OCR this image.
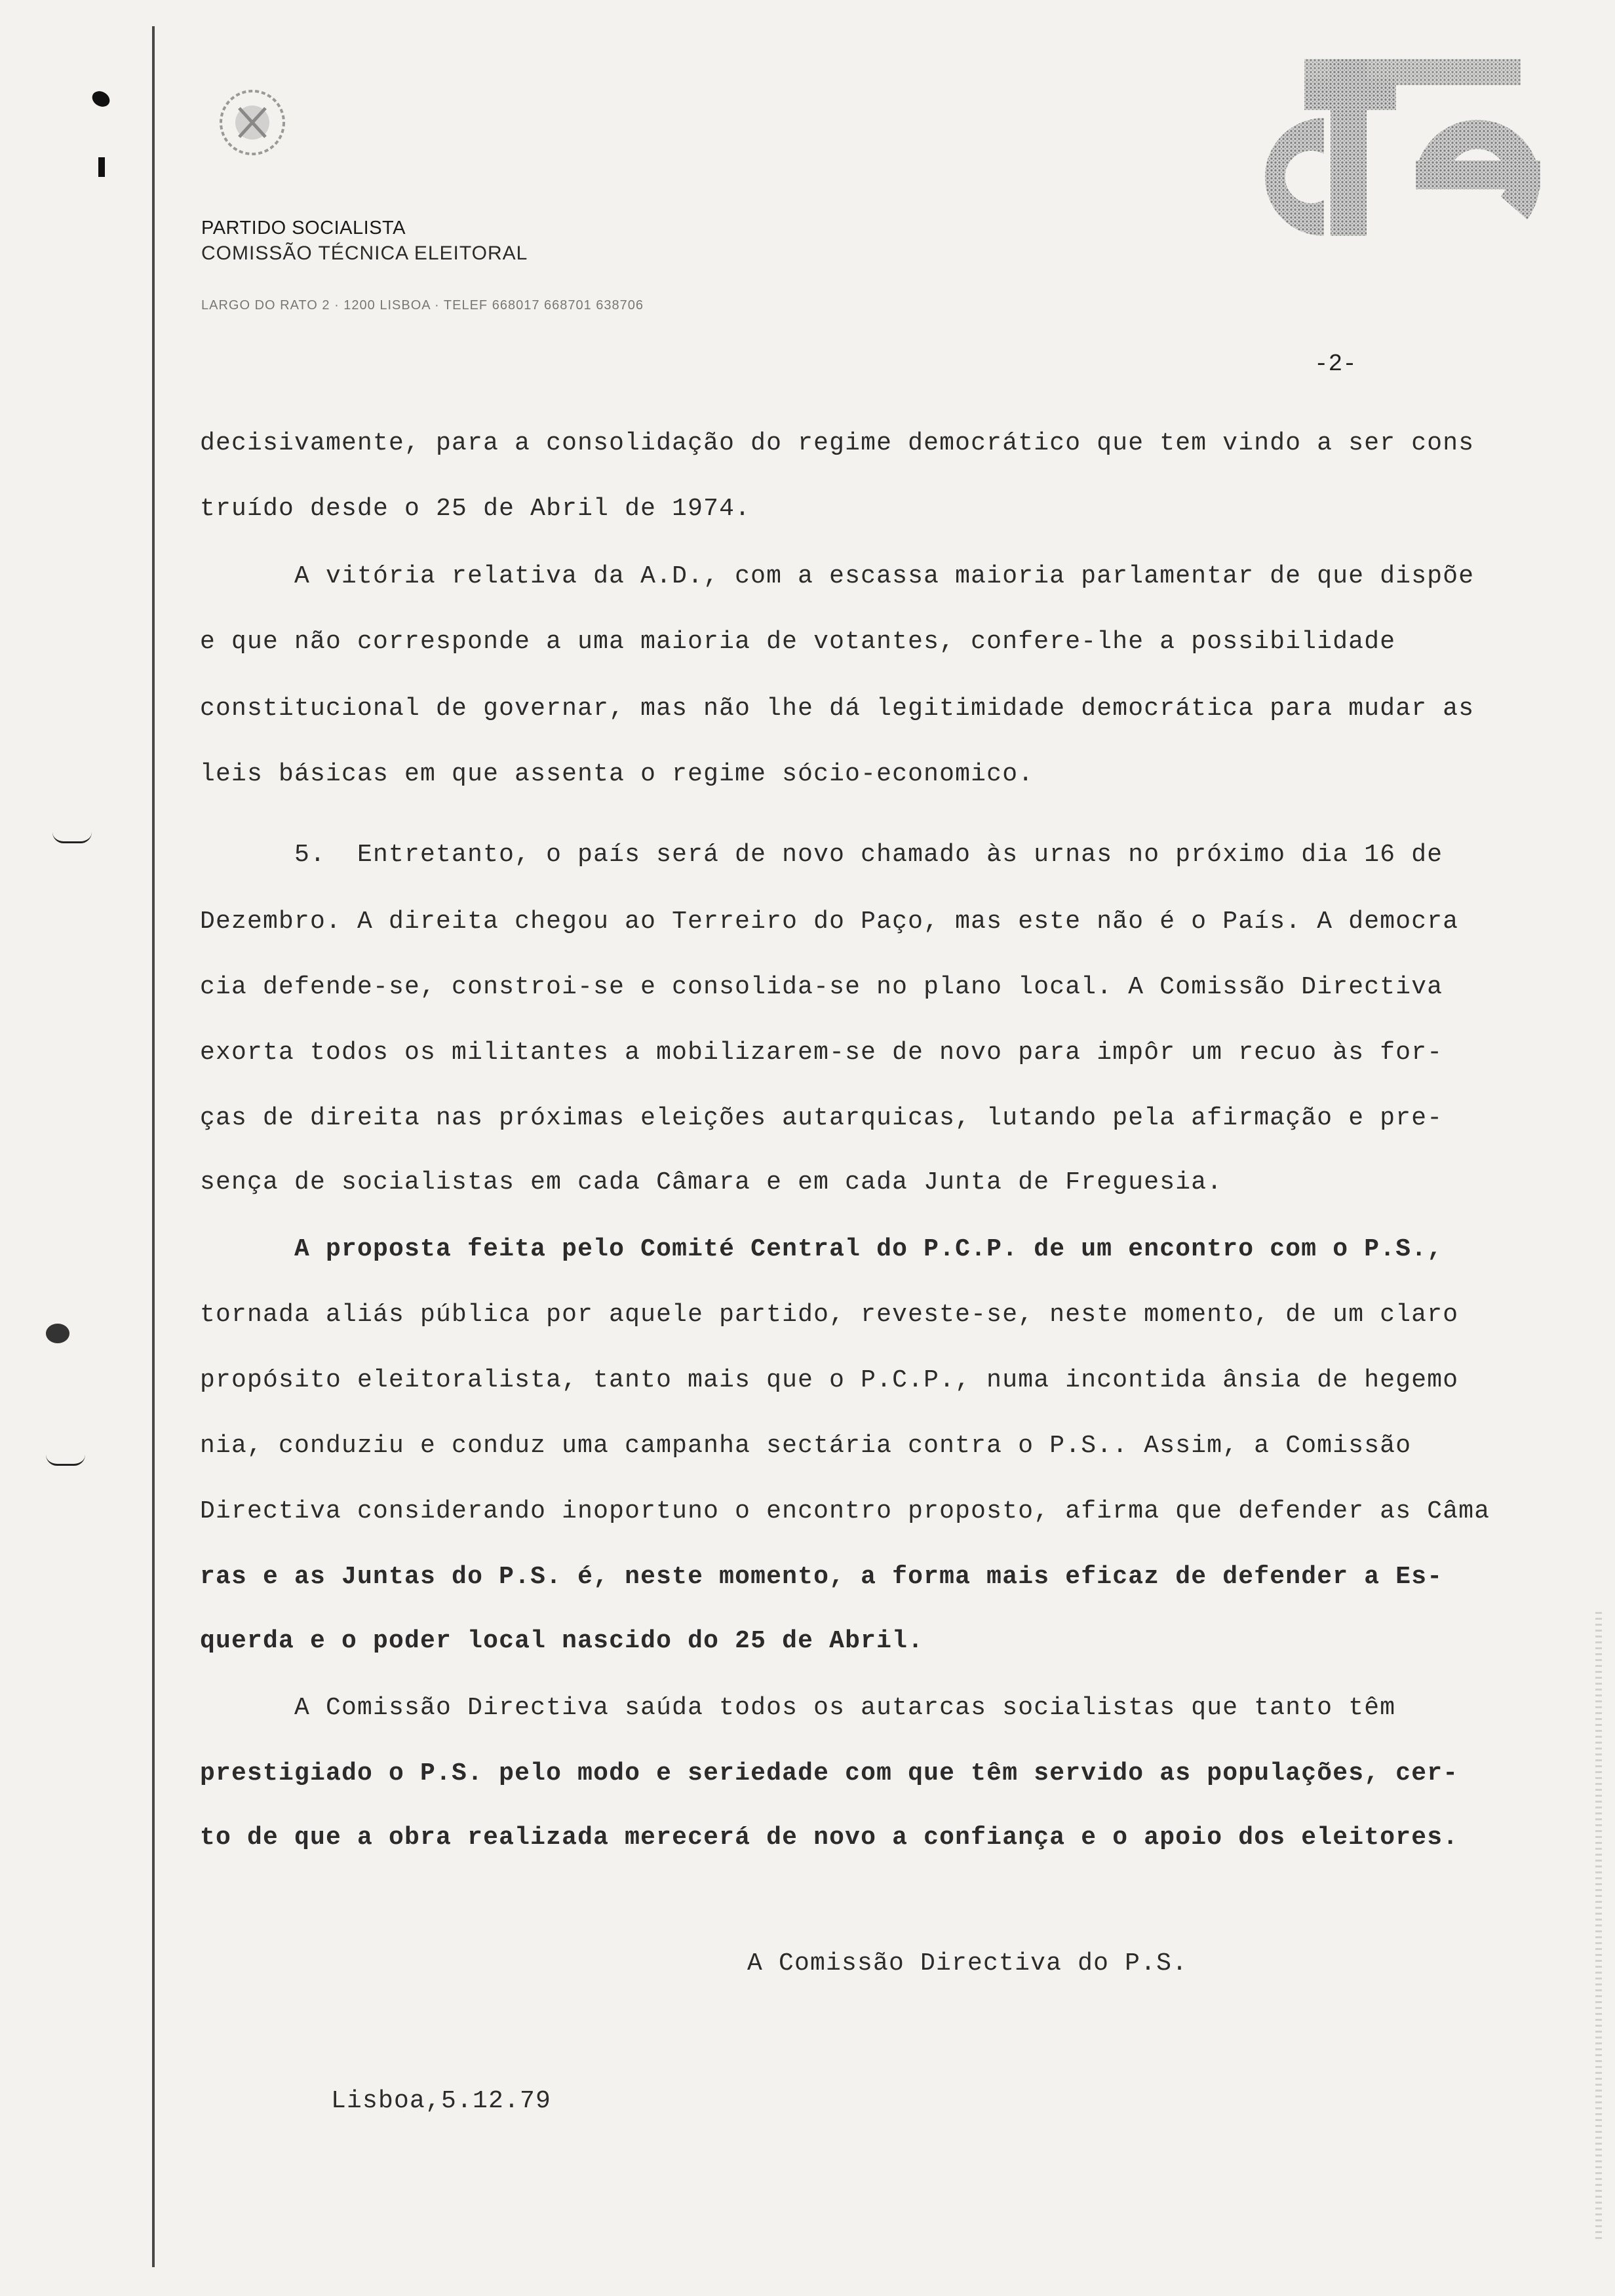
PARTIDO SOCIALISTA
COMISSÃO TÉCNICA ELEITORAL
LARGO DO RATO 2 · 1200 LISBOA · TELEF 668017 668701 638706
-2-
decisivamente, para a consolidação do regime democrático que tem vindo a ser cons
truído desde o 25 de Abril de 1974.
A vitória relativa da A.D., com a escassa maioria parlamentar de que dispõe
e que não corresponde a uma maioria de votantes, confere-lhe a possibilidade
constitucional de governar, mas não lhe dá legitimidade democrática para mudar as
leis básicas em que assenta o regime sócio-economico.
5.  Entretanto, o país será de novo chamado às urnas no próximo dia 16 de
Dezembro. A direita chegou ao Terreiro do Paço, mas este não é o País. A democra
cia defende-se, constroi-se e consolida-se no plano local. A Comissão Directiva
exorta todos os militantes a mobilizarem-se de novo para impôr um recuo às for-
ças de direita nas próximas eleições autarquicas, lutando pela afirmação e pre-
sença de socialistas em cada Câmara e em cada Junta de Freguesia.
A proposta feita pelo Comité Central do P.C.P. de um encontro com o P.S.,
tornada aliás pública por aquele partido, reveste-se, neste momento, de um claro
propósito eleitoralista, tanto mais que o P.C.P., numa incontida ânsia de hegemo
nia, conduziu e conduz uma campanha sectária contra o P.S.. Assim, a Comissão
Directiva considerando inoportuno o encontro proposto, afirma que defender as Câma
ras e as Juntas do P.S. é, neste momento, a forma mais eficaz de defender a Es-
querda e o poder local nascido do 25 de Abril.
A Comissão Directiva saúda todos os autarcas socialistas que tanto têm
prestigiado o P.S. pelo modo e seriedade com que têm servido as populações, cer-
to de que a obra realizada merecerá de novo a confiança e o apoio dos eleitores.
A Comissão Directiva do P.S.
Lisboa,5.12.79
